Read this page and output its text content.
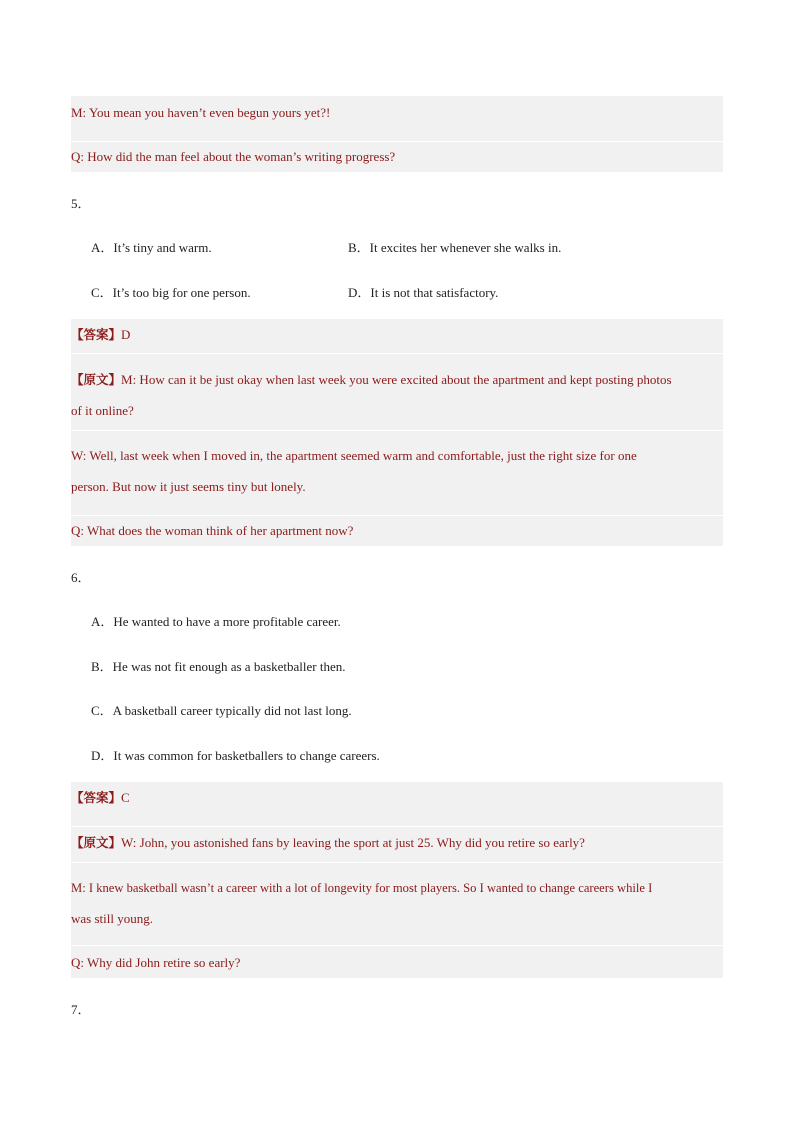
M: You mean you haven’t even begun yours yet?!
Q: How did the man feel about the woman’s writing progress?
5．
A．It’s tiny and warm.	B．It excites her whenever she walks in.
C．It’s too big for one person.	D．It is not that satisfactory.
【答案】D
【原文】M: How can it be just okay when last week you were excited about the apartment and kept posting photos
of it online?
W: Well, last week when I moved in, the apartment seemed warm and comfortable, just the right size for one
person. But now it just seems tiny but lonely.
Q: What does the woman think of her apartment now?
6．
A．He wanted to have a more profitable career.
B．He was not fit enough as a basketballer then.
C．A basketball career typically did not last long.
D．It was common for basketballers to change careers.
【答案】C
【原文】W: John, you astonished fans by leaving the sport at just 25. Why did you retire so early?
M: I knew basketball wasn’t a career with a lot of longevity for most players. So I wanted to change careers while I
was still young.
Q: Why did John retire so early?
7．
